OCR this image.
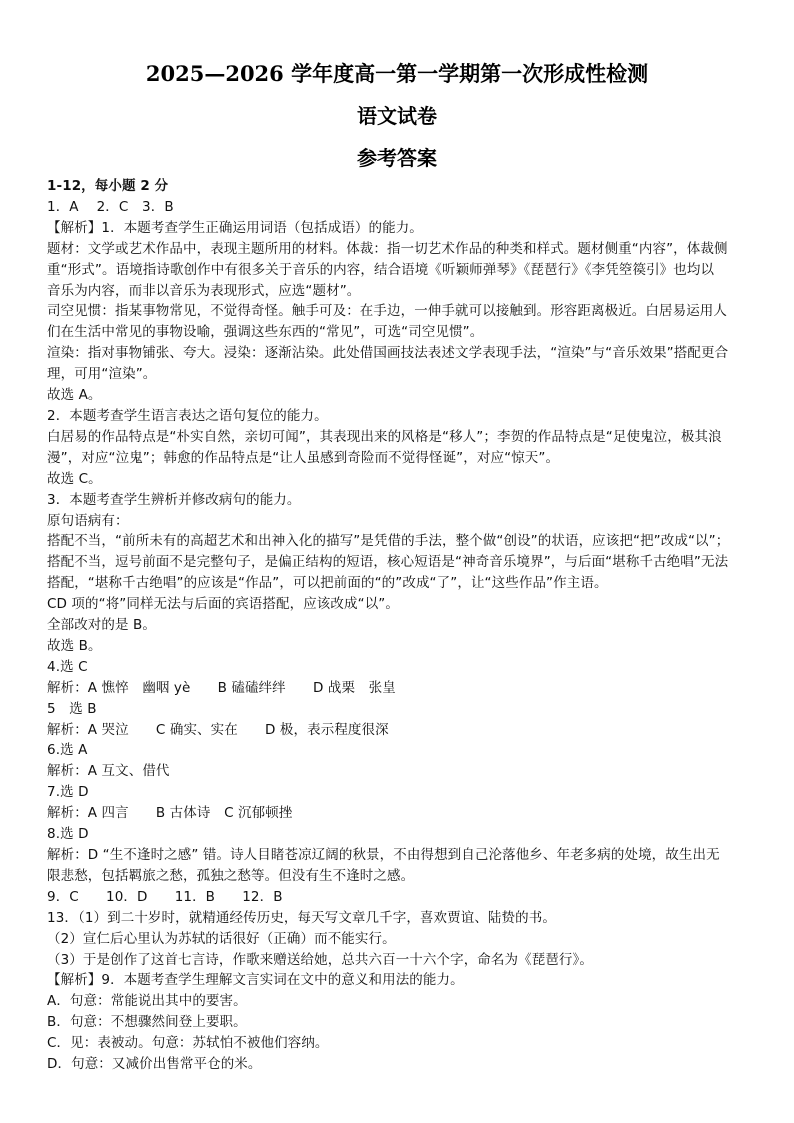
2025—2026 学年度高一第一学期第一次形成性检测
语文试卷
参考答案

1-12，每小题 2 分

1．A　 2．C　3．B

【解析】1．本题考查学生正确运用词语（包括成语）的能力。

题材：文学或艺术作品中，表现主题所用的材料。体裁：指一切艺术作品的种类和样式。题材侧重“内容”，体裁侧

重“形式”。语境指诗歌创作中有很多关于音乐的内容，结合语境《听颖师弹琴》《琵琶行》《李凭箜篌引》也均以

音乐为内容，而非以音乐为表现形式，应选“题材”。

司空见惯：指某事物常见，不觉得奇怪。触手可及：在手边，一伸手就可以接触到。形容距离极近。白居易运用人

们在生活中常见的事物设喻，强调这些东西的“常见”，可选“司空见惯”。

渲染：指对事物铺张、夸大。浸染：逐渐沾染。此处借国画技法表述文学表现手法，“渲染”与“音乐效果”搭配更合

理，可用“渲染”。

故选 A。

2．本题考查学生语言表达之语句复位的能力。

白居易的作品特点是“朴实自然，亲切可闻”，其表现出来的风格是“移人”；李贺的作品特点是“足使鬼泣，极其浪

漫”，对应“泣鬼”；韩愈的作品特点是“让人虽感到奇险而不觉得怪诞”，对应“惊天”。

故选 C。

3．本题考查学生辨析并修改病句的能力。

原句语病有：

搭配不当，“前所未有的高超艺术和出神入化的描写”是凭借的手法，整个做“创设”的状语，应该把“把”改成“以”；

搭配不当，逗号前面不是完整句子，是偏正结构的短语，核心短语是“神奇音乐境界”，与后面“堪称千古绝唱”无法

搭配，“堪称千古绝唱”的应该是“作品”，可以把前面的“的”改成“了”，让“这些作品”作主语。

CD 项的“将”同样无法与后面的宾语搭配，应该改成“以”。

全部改对的是 B。

故选 B。

4.选 C

解析：A 憔悴　幽咽 yè　　B 磕磕绊绊　　D 战栗　张皇

5　选 B

解析：A 哭泣　　C 确实、实在　　D 极，表示程度很深

6.选 A

解析：A 互文、借代

7.选 D

解析：A 四言　　B 古体诗　C 沉郁顿挫

8.选 D

解析：D “生不逢时之感” 错。诗人目睹苍凉辽阔的秋景，不由得想到自己沦落他乡、年老多病的处境，故生出无

限悲愁，包括羁旅之愁，孤独之愁等。但没有生不逢时之感。

9．C　　10．D　　11．B　　12．B

13．（1）到二十岁时，就精通经传历史，每天写文章几千字，喜欢贾谊、陆贽的书。

（2）宣仁后心里认为苏轼的话很好（正确）而不能实行。

（3）于是创作了这首七言诗，作歌来赠送给她，总共六百一十六个字，命名为《琵琶行》。

【解析】9．本题考查学生理解文言实词在文中的意义和用法的能力。

A．句意：常能说出其中的要害。

B．句意：不想骤然间登上要职。

C．见：表被动。句意：苏轼怕不被他们容纳。

D．句意：又减价出售常平仓的米。
